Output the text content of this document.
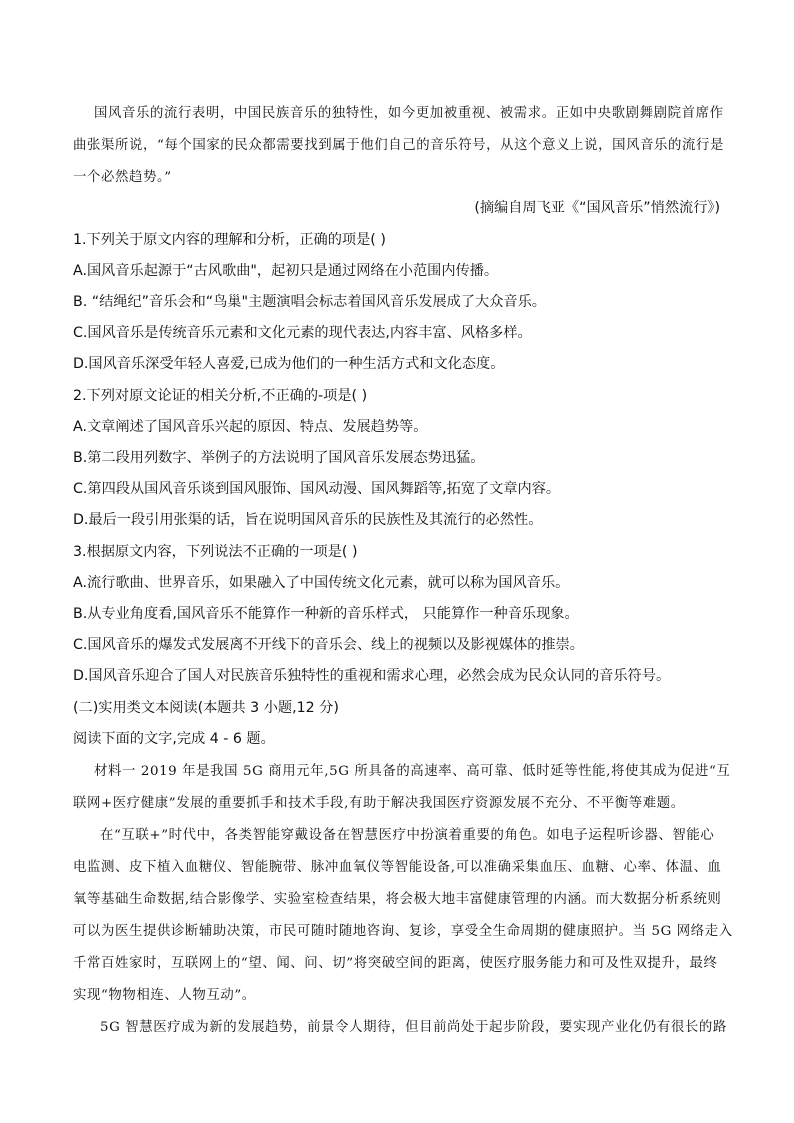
国风音乐的流行表明，中国民族音乐的独特性，如今更加被重视、被需求。正如中央歌剧舞剧院首席作
曲张渠所说，“每个国家的民众都需要找到属于他们自己的音乐符号，从这个意义上说，国风音乐的流行是
一个必然趋势。”
(摘编自周飞亚《“国风音乐”悄然流行》)
1.下列关于原文内容的理解和分析，正确的项是( )
A.国风音乐起源于“古风歌曲"，起初只是通过网络在小范围内传播。
B. “结绳纪”音乐会和“鸟巢"主题演唱会标志着国风音乐发展成了大众音乐。
C.国风音乐是传统音乐元素和文化元素的现代表达,内容丰富、风格多样。
D.国风音乐深受年轻人喜爱,已成为他们的一种生活方式和文化态度。
2.下列对原文论证的相关分析,不正确的-项是( )
A.文章阐述了国风音乐兴起的原因、特点、发展趋势等。
B.第二段用列数字、举例子的方法说明了国风音乐发展态势迅猛。
C.第四段从国风音乐谈到国风服饰、国风动漫、国风舞蹈等,拓宽了文章内容。
D.最后一段引用张渠的话，旨在说明国风音乐的民族性及其流行的必然性。
3.根据原文内容，下列说法不正确的一项是( )
A.流行歌曲、世界音乐，如果融入了中国传统文化元素，就可以称为国风音乐。
B.从专业角度看,国风音乐不能算作一种新的音乐样式， 只能算作一种音乐现象。
C.国风音乐的爆发式发展离不开线下的音乐会、线上的视频以及影视媒体的推崇。
D.国风音乐迎合了国人对民族音乐独特性的重视和需求心理，必然会成为民众认同的音乐符号。
(二)实用类文本阅读(本题共 3 小题,12 分)
阅读下面的文字,完成 4 - 6 题。
材料一 2019 年是我国 5G 商用元年,5G 所具备的高速率、高可靠、低时延等性能,将使其成为促进“互
联网+医疗健康”发展的重要抓手和技术手段,有助于解决我国医疗资源发展不充分、不平衡等难题。
在“互联+”时代中，各类智能穿戴设备在智慧医疗中扮演着重要的角色。如电子运程听诊器、智能心
电监测、皮下植入血糖仪、智能腕带、脉冲血氧仪等智能设备,可以准确采集血压、血糖、心率、体温、血
氧等基础生命数据,结合影像学、实验室检查结果，将会极大地丰富健康管理的内涵。而大数据分析系统则
可以为医生提供诊断辅助决策，市民可随时随地咨询、复诊，享受全生命周期的健康照护。当 5G 网络走入
千常百姓家时，互联网上的“望、闻、问、切”将突破空间的距离，使医疗服务能力和可及性双提升，最终
实现“物物相连、人物互动”。
5G 智慧医疗成为新的发展趋势，前景令人期待，但目前尚处于起步阶段，要实现产业化仍有很长的路
